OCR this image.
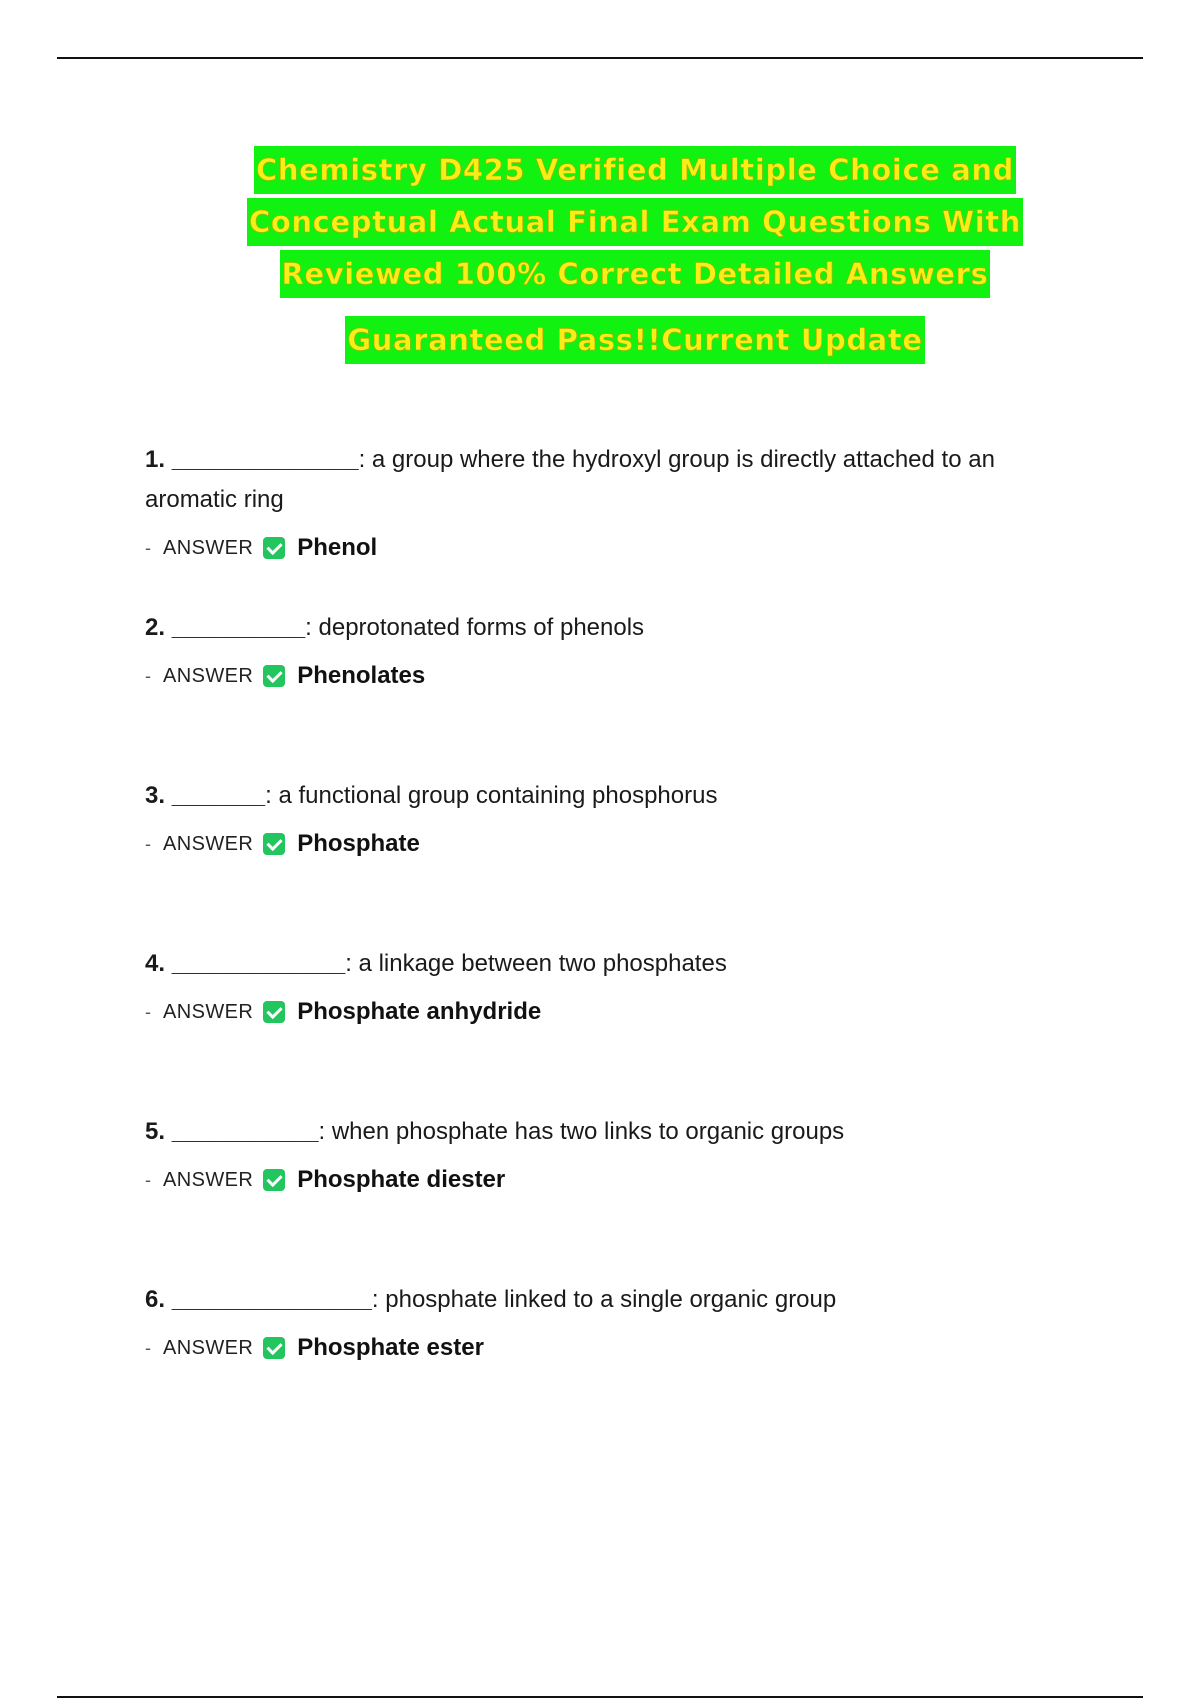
Chemistry D425 Verified Multiple Choice and
Conceptual Actual Final Exam Questions With
Reviewed 100% Correct Detailed Answers
Guaranteed Pass!!Current Update
1. ______________: a group where the hydroxyl group is directly attached to an aromatic ring
- ANSWER Phenol
2. __________: deprotonated forms of phenols
- ANSWER Phenolates
3. _______: a functional group containing phosphorus
- ANSWER Phosphate
4. _____________: a linkage between two phosphates
- ANSWER Phosphate anhydride
5. ___________: when phosphate has two links to organic groups
- ANSWER Phosphate diester
6. _______________: phosphate linked to a single organic group
- ANSWER Phosphate ester
